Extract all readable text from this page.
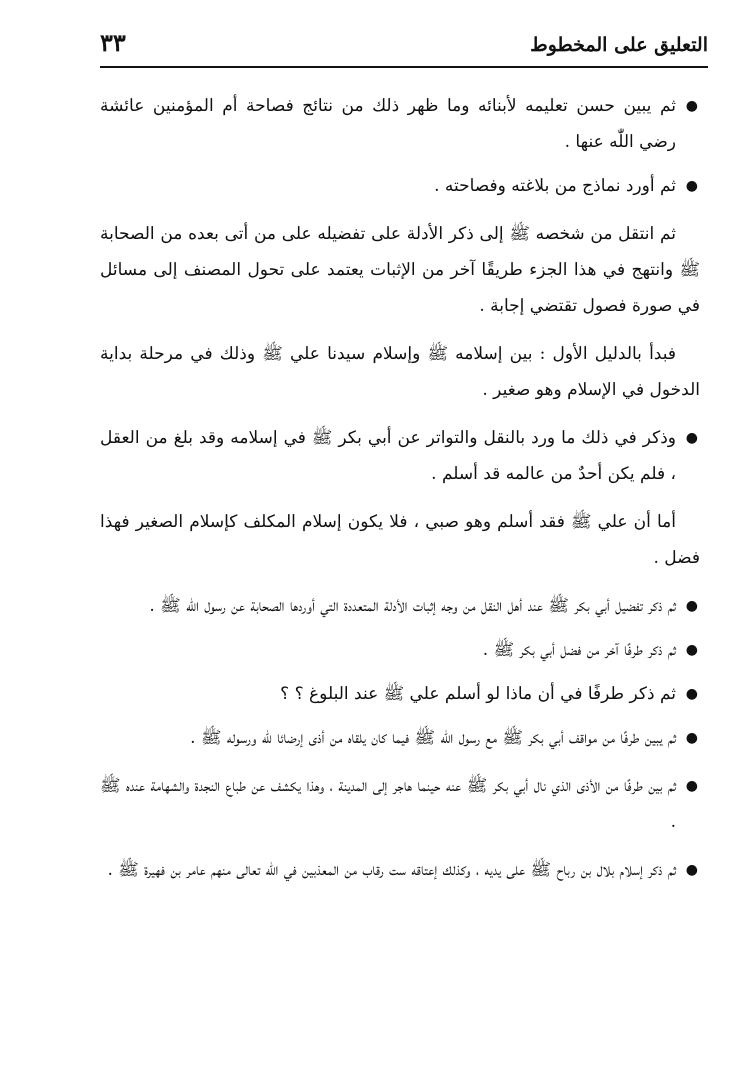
التعليق على المخطوط
٣٣

●
ثم يبين حسن تعليمه لأبنائه وما ظهر ذلك من نتائج فصاحة أم المؤمنين عائشة رضي اللّٰه عنها .

●
ثم أورد نماذج من بلاغته وفصاحته .

ثم انتقل من شخصه ﷺ إلى ذكر الأدلة على تفضيله على من أتى بعده من الصحابة ﷺ وانتهج في هذا الجزء طريقًا آخر من الإثبات يعتمد على تحول المصنف إلى مسائل في صورة فصول تقتضي إجابة .

فبدأ بالدليل الأول : بين إسلامه ﷺ وإسلام سيدنا علي ﷺ وذلك في مرحلة بداية الدخول في الإسلام وهو صغير .

●
وذكر في ذلك ما ورد بالنقل والتواتر عن أبي بكر ﷺ في إسلامه وقد بلغ من العقل ، فلم يكن أحدٌ من عالمه قد أسلم .

أما أن علي ﷺ فقد أسلم وهو صبي ، فلا يكون إسلام المكلف كإسلام الصغير فهذا فضل .

●
ثم ذكر تفضيل أبي بكر ﷺ عند أهل النقل من وجه إثبات الأدلة المتعددة التي أوردها الصحابة عن رسول اللّٰه ﷺ .

●
ثم ذكر طرفًا آخر من فضل أبي بكر ﷺ .

●
ثم ذكر طرفًا في أن ماذا لو أسلم علي ﷺ عند البلوغ ؟ ؟

●
ثم يبين طرفًا من مواقف أبي بكر ﷺ مع رسول اللّٰه ﷺ فيما كان يلقاه من أذى إرضائا للّٰه ورسوله ﷺ .

●
ثم بين طرفًا من الأذى الذي نال أبي بكر ﷺ عنه حينما هاجر إلى المدينة ، وهذا يكشف عن طباع النجدة والشهامة عنده ﷺ .

●
ثم ذكر إسلام بلال بن رباح ﷺ على يديه ، وكذلك إعتاقه ست رقاب من المعذبين في اللّٰه تعالى منهم عامر بن فهيرة ﷺ .
